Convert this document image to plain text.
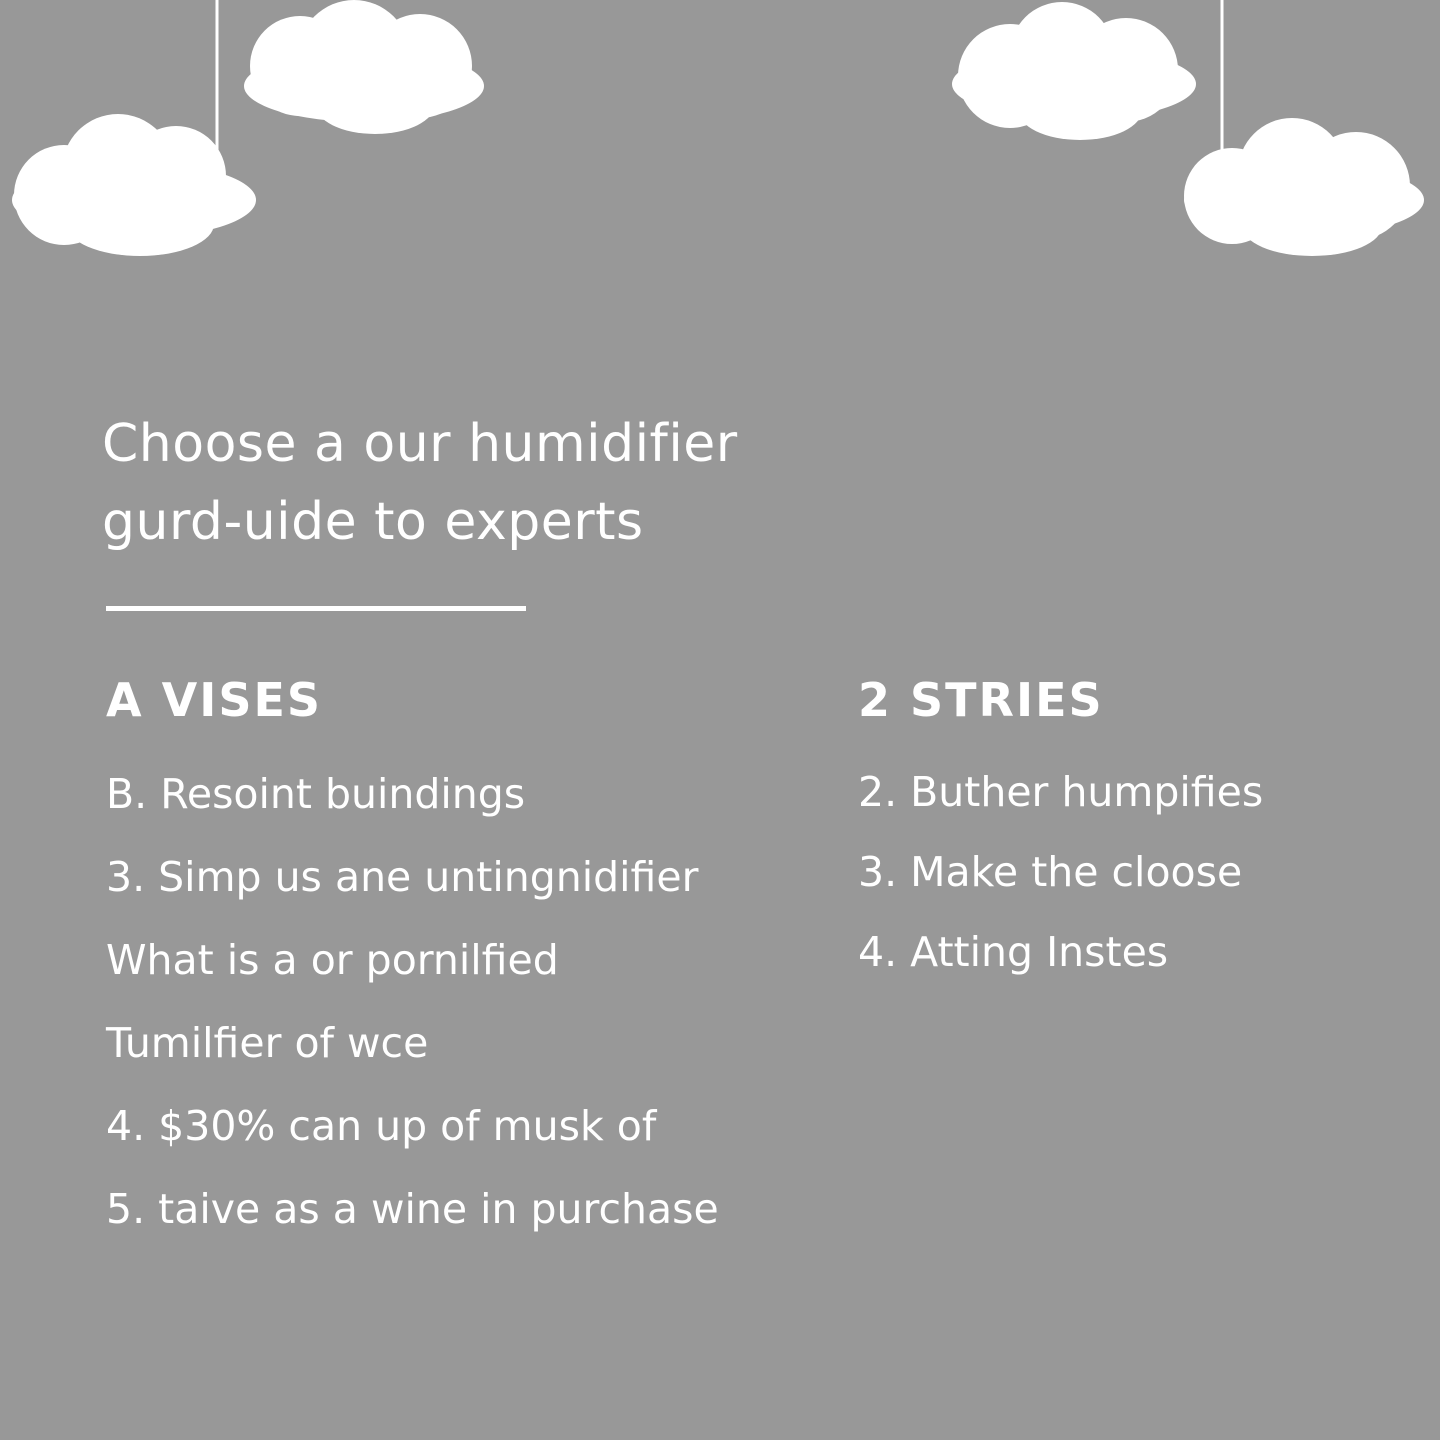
Choose a our humidifier
gurd-uide to experts
A VISES
B. Resoint buindings
3. Simp us ane untingnidifier
What is a or pornilfied
Tumilfier of wce
4. $30% can up of musk of
5. taive as a wine in purchase
2 STRIES
2. Buther humpifies
3. Make the cloose
4. Atting Instes
